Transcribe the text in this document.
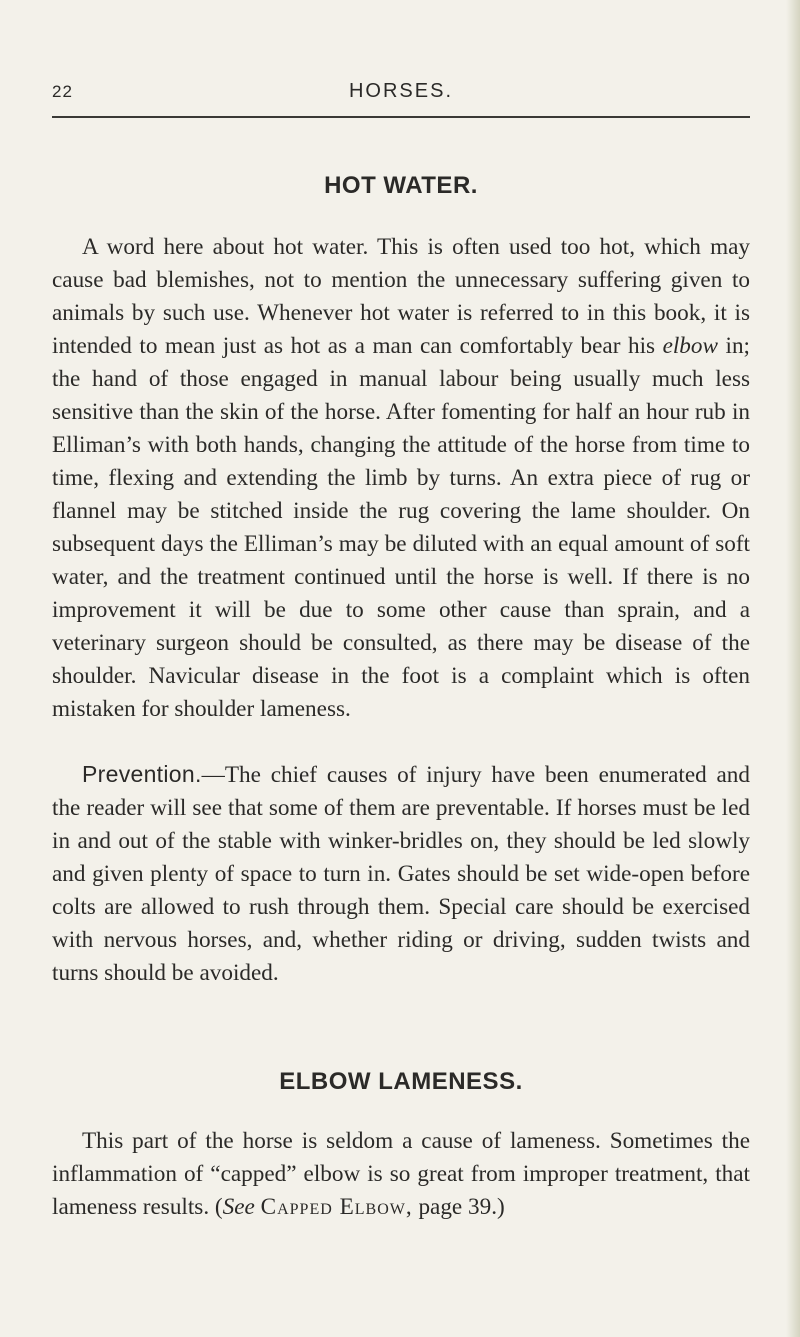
22	HORSES.
HOT WATER.

A word here about hot water. This is often used too hot, which may cause bad blemishes, not to mention the unnecessary suffering given to animals by such use. Whenever hot water is referred to in this book, it is intended to mean just as hot as a man can comfortably bear his elbow in; the hand of those engaged in manual labour being usually much less sensitive than the skin of the horse. After fomenting for half an hour rub in Elliman’s with both hands, changing the attitude of the horse from time to time, flexing and extending the limb by turns. An extra piece of rug or flannel may be stitched inside the rug covering the lame shoulder. On subsequent days the Elliman’s may be diluted with an equal amount of soft water, and the treatment continued until the horse is well. If there is no improvement it will be due to some other cause than sprain, and a veterinary surgeon should be consulted, as there may be disease of the shoulder. Navicular disease in the foot is a complaint which is often mistaken for shoulder lameness.

Prevention.—The chief causes of injury have been enumerated and the reader will see that some of them are preventable. If horses must be led in and out of the stable with winker-bridles on, they should be led slowly and given plenty of space to turn in. Gates should be set wide-open before colts are allowed to rush through them. Special care should be exercised with nervous horses, and, whether riding or driving, sudden twists and turns should be avoided.

ELBOW LAMENESS.

This part of the horse is seldom a cause of lameness. Sometimes the inflammation of “capped” elbow is so great from improper treatment, that lameness results. (See Capped Elbow, page 39.)
